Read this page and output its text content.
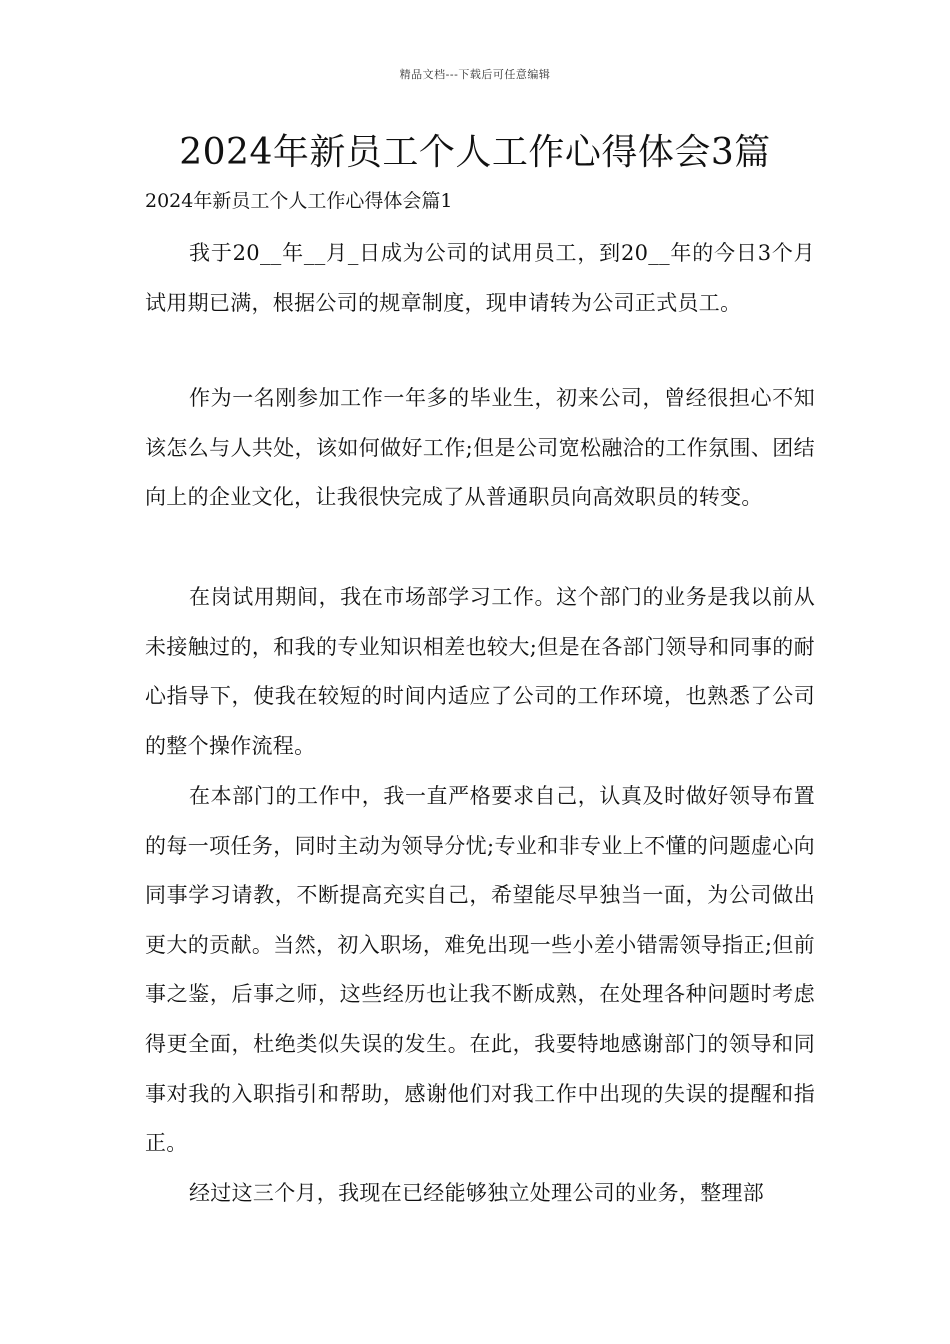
精品文档---下载后可任意编辑
2024年新员工个人工作心得体会3篇
2024年新员工个人工作心得体会篇1

我于20__年__月_日成为公司的试用员工，到20__年的今日3个月试用期已满，根据公司的规章制度，现申请转为公司正式员工。

作为一名刚参加工作一年多的毕业生，初来公司，曾经很担心不知该怎么与人共处，该如何做好工作;但是公司宽松融洽的工作氛围、团结向上的企业文化，让我很快完成了从普通职员向高效职员的转变。

在岗试用期间，我在市场部学习工作。这个部门的业务是我以前从未接触过的，和我的专业知识相差也较大;但是在各部门领导和同事的耐心指导下，使我在较短的时间内适应了公司的工作环境，也熟悉了公司的整个操作流程。

在本部门的工作中，我一直严格要求自己，认真及时做好领导布置的每一项任务，同时主动为领导分忧;专业和非专业上不懂的问题虚心向同事学习请教，不断提高充实自己，希望能尽早独当一面，为公司做出更大的贡献。当然，初入职场，难免出现一些小差小错需领导指正;但前事之鉴，后事之师，这些经历也让我不断成熟，在处理各种问题时考虑得更全面，杜绝类似失误的发生。在此，我要特地感谢部门的领导和同事对我的入职指引和帮助，感谢他们对我工作中出现的失误的提醒和指正。

经过这三个月，我现在已经能够独立处理公司的业务，整理部
